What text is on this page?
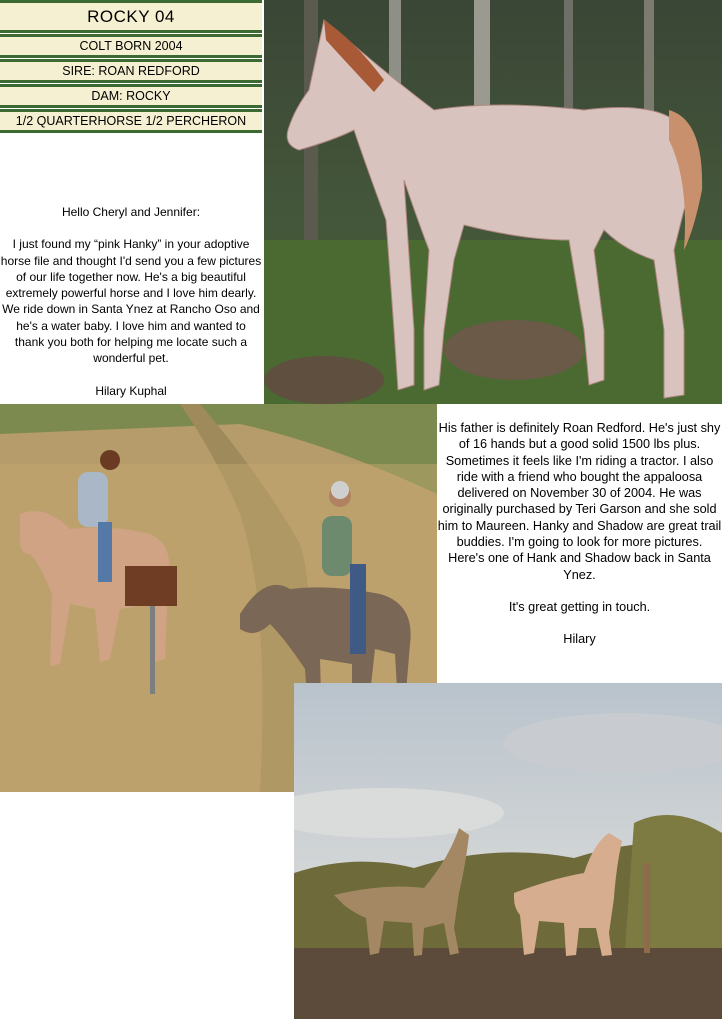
ROCKY 04
COLT BORN 2004
SIRE: ROAN REDFORD
DAM: ROCKY
1/2 QUARTERHORSE 1/2 PERCHERON

Hello Cheryl and Jennifer:

I just found my “pink Hanky” in your adoptive horse file and thought I'd send you a few pictures of our life together now. He's a big beautiful extremely powerful horse and I love him dearly. We ride down in Santa Ynez at Rancho Oso and he's a water baby. I love him and wanted to thank you both for helping me locate such a wonderful pet.

Hilary Kuphal

His father is definitely Roan Redford. He's just shy of 16 hands but a good solid 1500 lbs plus. Sometimes it feels like I'm riding a tractor. I also ride with a friend who bought the appaloosa delivered on November 30 of 2004. He was originally purchased by Teri Garson and she sold him to Maureen. Hanky and Shadow are great trail buddies. I'm going to look for more pictures. Here's one of Hank and Shadow back in Santa Ynez.

It's great getting in touch.

Hilary
